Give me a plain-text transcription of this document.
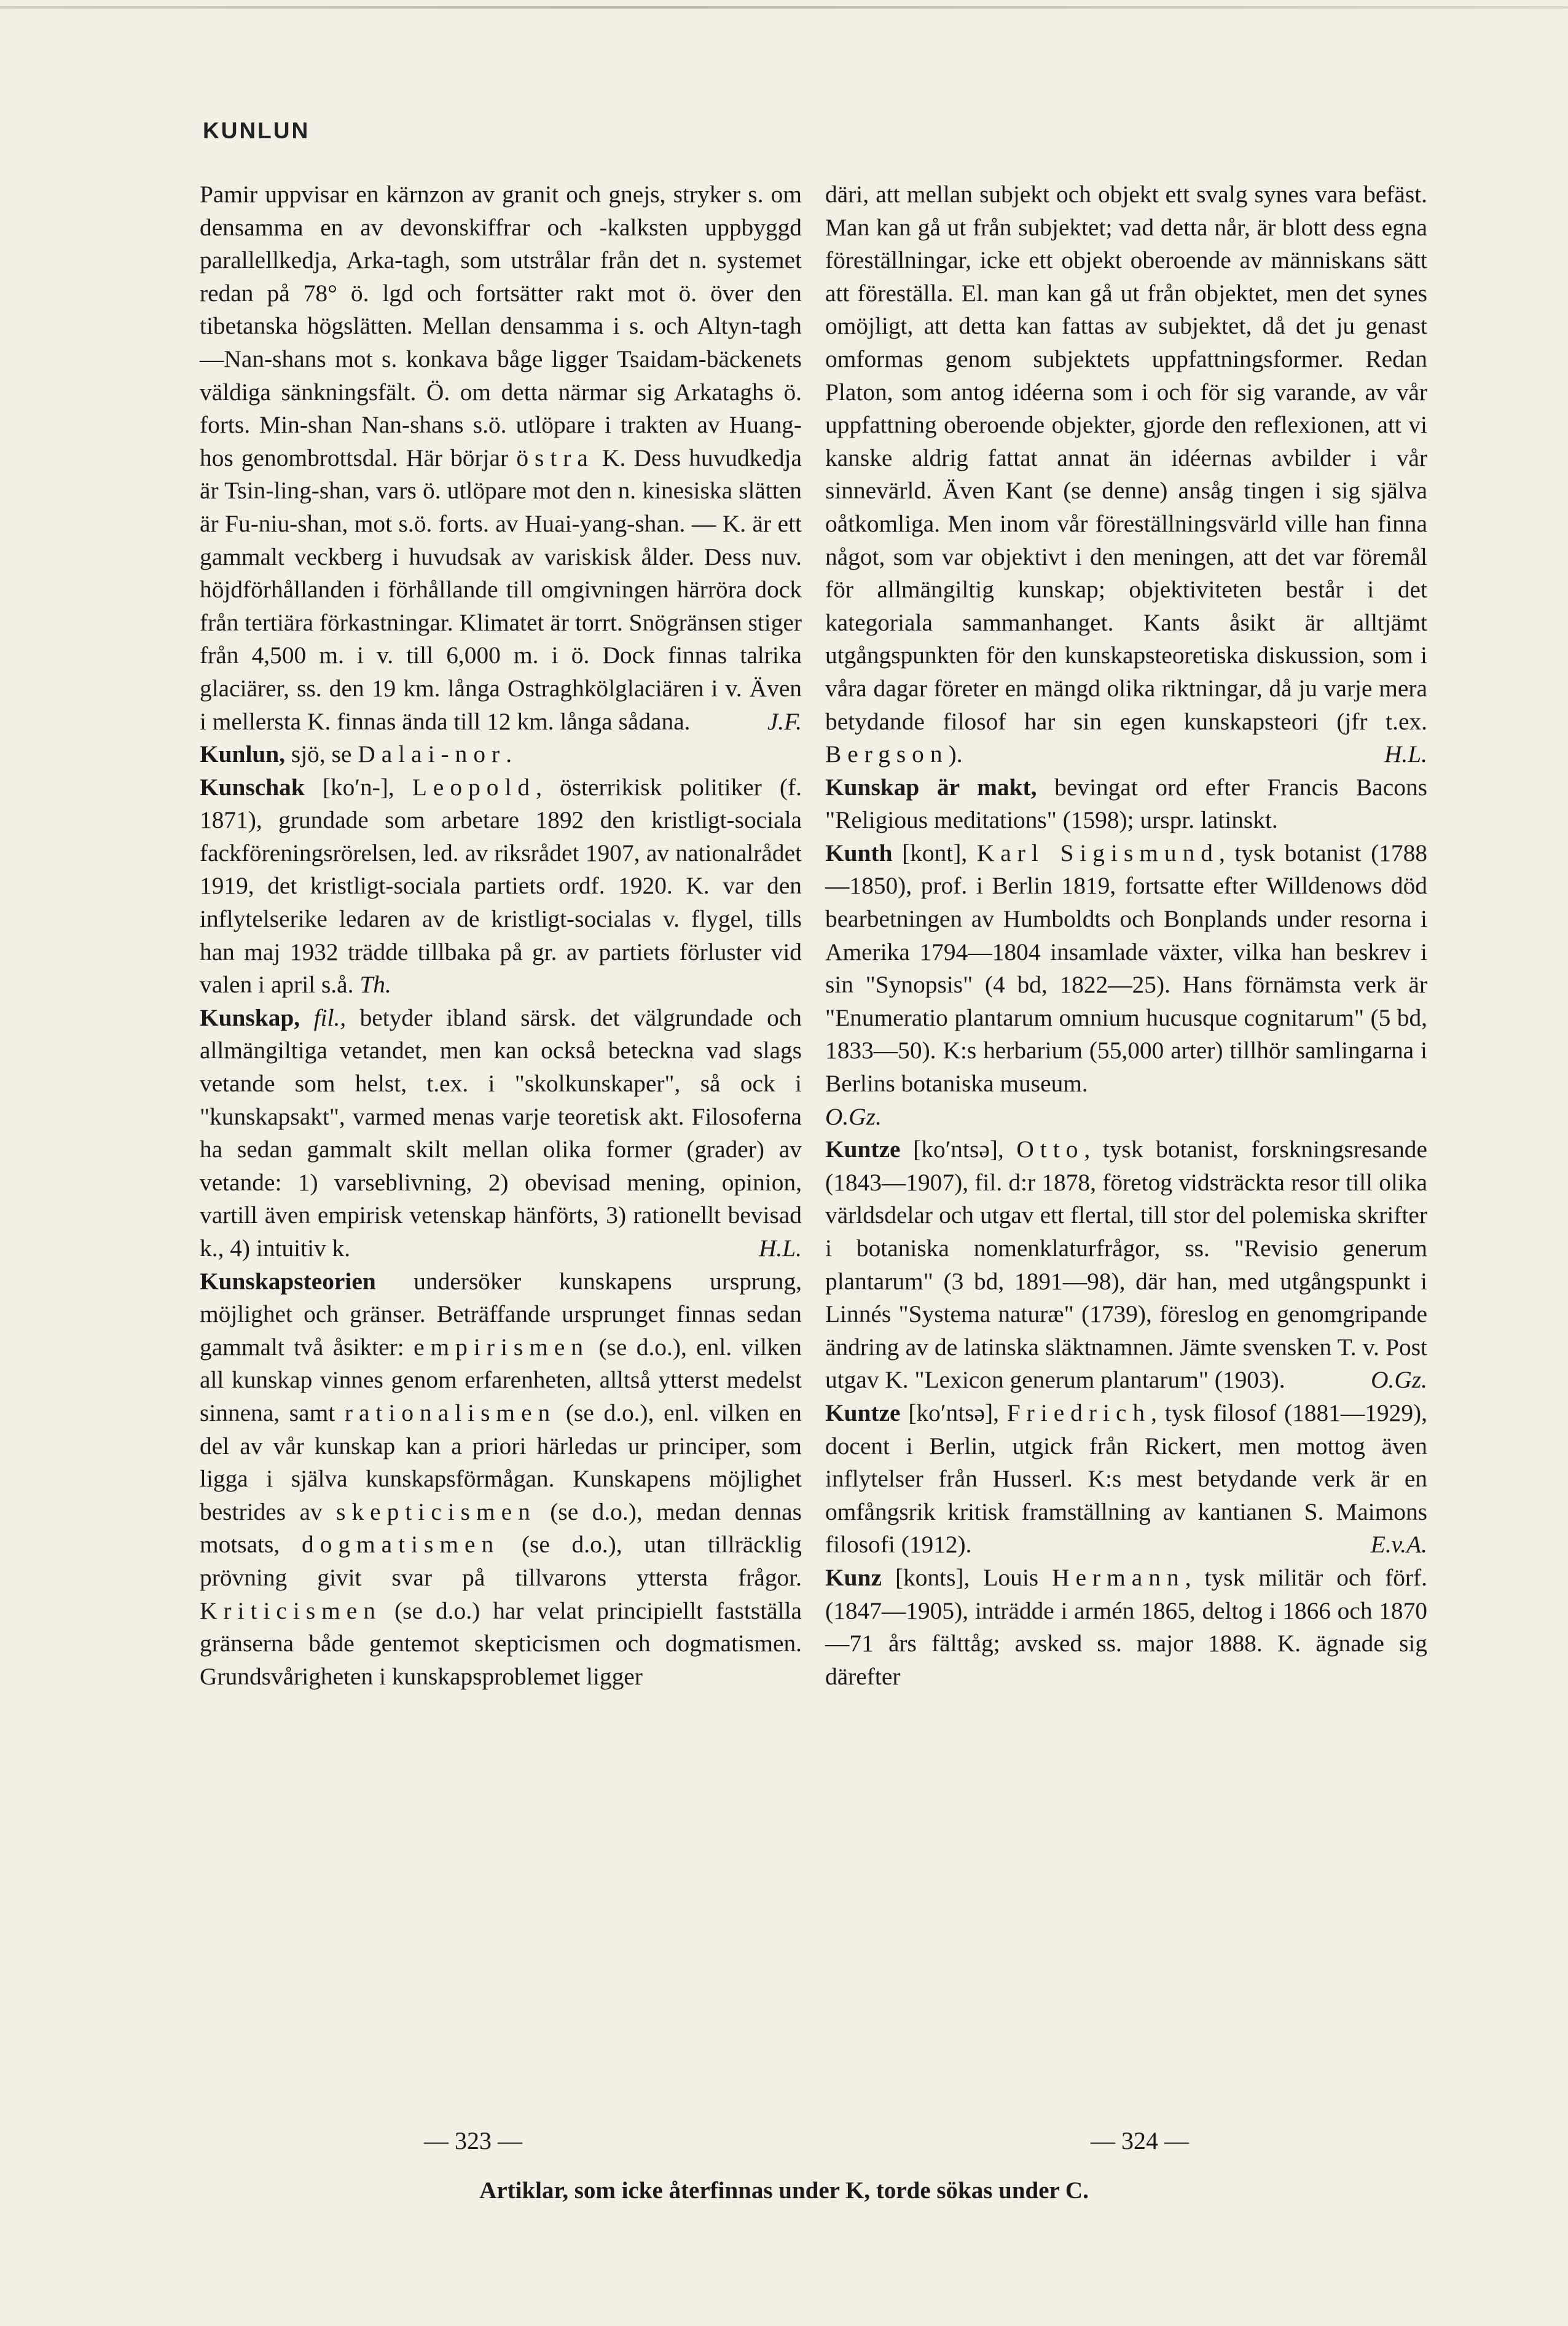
KUNLUN

Pamir uppvisar en kärnzon av granit och gnejs, stryker s. om densamma en av devonskiffrar och -kalksten uppbyggd parallellkedja, Arka-tagh, som utstrålar från det n. systemet redan på 78° ö. lgd och fortsätter rakt mot ö. över den tibetanska högslätten. Mellan densamma i s. och Altyn-tagh—Nan-shans mot s. konkava båge ligger Tsaidam-bäckenets väldiga sänkningsfält. Ö. om detta närmar sig Arkataghs ö. forts. Min-shan Nan-shans s.ö. utlöpare i trakten av Huang-hos genombrottsdal. Här börjar östra K. Dess huvudkedja är Tsin-ling-shan, vars ö. utlöpare mot den n. kinesiska slätten är Fu-niu-shan, mot s.ö. forts. av Huai-yang-shan. — K. är ett gammalt veckberg i huvudsak av variskisk ålder. Dess nuv. höjdförhållanden i förhållande till omgivningen härröra dock från tertiära förkastningar. Klimatet är torrt. Snögränsen stiger från 4,500 m. i v. till 6,000 m. i ö. Dock finnas talrika glaciärer, ss. den 19 km. långa Ostraghkölglaciären i v. Även i mellersta K. finnas ända till 12 km. långa sådana.	J.F.

Kunlun, sjö, se Dalai-nor.

Kunschak [ko′n-], Leopold, österrikisk politiker (f. 1871), grundade som arbetare 1892 den kristligt-sociala fackföreningsrörelsen, led. av riksrådet 1907, av nationalrådet 1919, det kristligt-sociala partiets ordf. 1920. K. var den inflytelserike ledaren av de kristligt-socialas v. flygel, tills han maj 1932 trädde tillbaka på gr. av partiets förluster vid valen i april s.å. Th.

Kunskap, fil., betyder ibland särsk. det välgrundade och allmängiltiga vetandet, men kan också beteckna vad slags vetande som helst, t.ex. i "skolkunskaper", så ock i "kunskapsakt", varmed menas varje teoretisk akt. Filosoferna ha sedan gammalt skilt mellan olika former (grader) av vetande: 1) varseblivning, 2) obevisad mening, opinion, vartill även empirisk vetenskap hänförts, 3) rationellt bevisad k., 4) intuitiv k.	H.L.

Kunskapsteorien undersöker kunskapens ursprung, möjlighet och gränser. Beträffande ursprunget finnas sedan gammalt två åsikter: empirismen (se d.o.), enl. vilken all kunskap vinnes genom erfarenheten, alltså ytterst medelst sinnena, samt rationalismen (se d.o.), enl. vilken en del av vår kunskap kan a priori härledas ur principer, som ligga i själva kunskapsförmågan. Kunskapens möjlighet bestrides av skepticismen (se d.o.), medan dennas motsats, dogmatismen (se d.o.), utan tillräcklig prövning givit svar på tillvarons yttersta frågor. Kriticismen (se d.o.) har velat principiellt fastställa gränserna både gentemot skepticismen och dogmatismen. Grundsvårigheten i kunskapsproblemet ligger

däri, att mellan subjekt och objekt ett svalg synes vara befäst. Man kan gå ut från subjektet; vad detta når, är blott dess egna föreställningar, icke ett objekt oberoende av människans sätt att föreställa. El. man kan gå ut från objektet, men det synes omöjligt, att detta kan fattas av subjektet, då det ju genast omformas genom subjektets uppfattningsformer. Redan Platon, som antog idéerna som i och för sig varande, av vår uppfattning oberoende objekter, gjorde den reflexionen, att vi kanske aldrig fattat annat än idéernas avbilder i vår sinnevärld. Även Kant (se denne) ansåg tingen i sig själva oåtkomliga. Men inom vår föreställningsvärld ville han finna något, som var objektivt i den meningen, att det var föremål för allmängiltig kunskap; objektiviteten består i det kategoriala sammanhanget. Kants åsikt är alltjämt utgångspunkten för den kunskapsteoretiska diskussion, som i våra dagar företer en mängd olika riktningar, då ju varje mera betydande filosof har sin egen kunskapsteori (jfr t.ex. Bergson).	H.L.

Kunskap är makt, bevingat ord efter Francis Bacons "Religious meditations" (1598); urspr. latinskt.

Kunth [kont], Karl Sigismund, tysk botanist (1788—1850), prof. i Berlin 1819, fortsatte efter Willdenows död bearbetningen av Humboldts och Bonplands under resorna i Amerika 1794—1804 insamlade växter, vilka han beskrev i sin "Synopsis" (4 bd, 1822—25). Hans förnämsta verk är "Enumeratio plantarum omnium hucusque cognitarum" (5 bd, 1833—50). K:s herbarium (55,000 arter) tillhör samlingarna i Berlins botaniska museum.

O.Gz.

Kuntze [ko′ntsə], Otto, tysk botanist, forskningsresande (1843—1907), fil. d:r 1878, företog vidsträckta resor till olika världsdelar och utgav ett flertal, till stor del polemiska skrifter i botaniska nomenklaturfrågor, ss. "Revisio generum plantarum" (3 bd, 1891—98), där han, med utgångspunkt i Linnés "Systema naturæ" (1739), föreslog en genomgripande ändring av de latinska släktnamnen. Jämte svensken T. v. Post utgav K. "Lexicon generum plantarum" (1903).	O.Gz.

Kuntze [ko′ntsə], Friedrich, tysk filosof (1881—1929), docent i Berlin, utgick från Rickert, men mottog även inflytelser från Husserl. K:s mest betydande verk är en omfångsrik kritisk framställning av kantianen S. Maimons filosofi (1912).	E.v.A.

Kunz [konts], Louis Hermann, tysk militär och förf. (1847—1905), inträdde i armén 1865, deltog i 1866 och 1870—71 års fälttåg; avsked ss. major 1888. K. ägnade sig därefter

— 323 —	— 324 —
Artiklar, som icke återfinnas under K, torde sökas under C.
